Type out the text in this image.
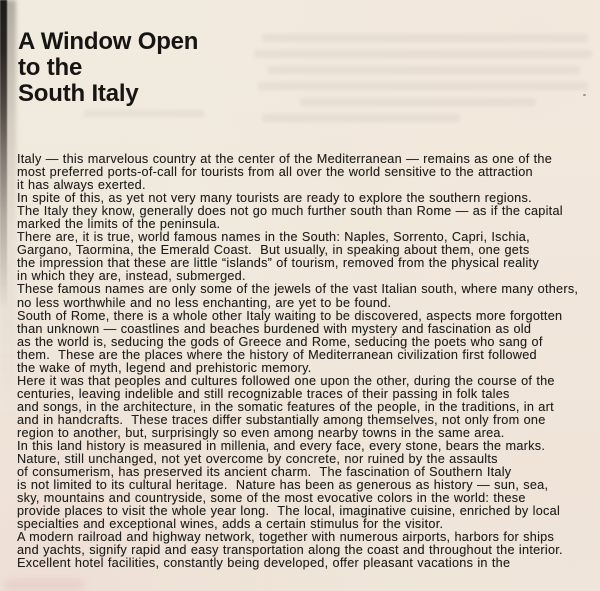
A Window Open
to the
South Italy

Italy — this marvelous country at the center of the Mediterranean — remains as one of the
most preferred ports-of-call for tourists from all over the world sensitive to the attraction
it has always exerted.

In spite of this, as yet not very many tourists are ready to explore the southern regions.
The Italy they know, generally does not go much further south than Rome — as if the capital
marked the limits of the peninsula.

There are, it is true, world famous names in the South: Naples, Sorrento, Capri, Ischia,
Gargano, Taormina, the Emerald Coast.  But usually, in speaking about them, one gets
the impression that these are little “islands” of tourism, removed from the physical reality
in which they are, instead, submerged.

These famous names are only some of the jewels of the vast Italian south, where many others,
no less worthwhile and no less enchanting, are yet to be found.

South of Rome, there is a whole other Italy waiting to be discovered, aspects more forgotten
than unknown — coastlines and beaches burdened with mystery and fascination as old
as the world is, seducing the gods of Greece and Rome, seducing the poets who sang of
them.  These are the places where the history of Mediterranean civilization first followed
the wake of myth, legend and prehistoric memory.

Here it was that peoples and cultures followed one upon the other, during the course of the
centuries, leaving indelible and still recognizable traces of their passing in folk tales
and songs, in the architecture, in the somatic features of the people, in the traditions, in art
and in handcrafts.  These traces differ substantially among themselves, not only from one
region to another, but, surprisingly so even among nearby towns in the same area.

In this land history is measured in millenia, and every face, every stone, bears the marks.

Nature, still unchanged, not yet overcome by concrete, nor ruined by the assaults
of consumerism, has preserved its ancient charm.  The fascination of Southern Italy
is not limited to its cultural heritage.  Nature has been as generous as history — sun, sea,
sky, mountains and countryside, some of the most evocative colors in the world: these
provide places to visit the whole year long.  The local, imaginative cuisine, enriched by local
specialties and exceptional wines, adds a certain stimulus for the visitor.

A modern railroad and highway network, together with numerous airports, harbors for ships
and yachts, signify rapid and easy transportation along the coast and throughout the interior.
Excellent hotel facilities, constantly being developed, offer pleasant vacations in the
